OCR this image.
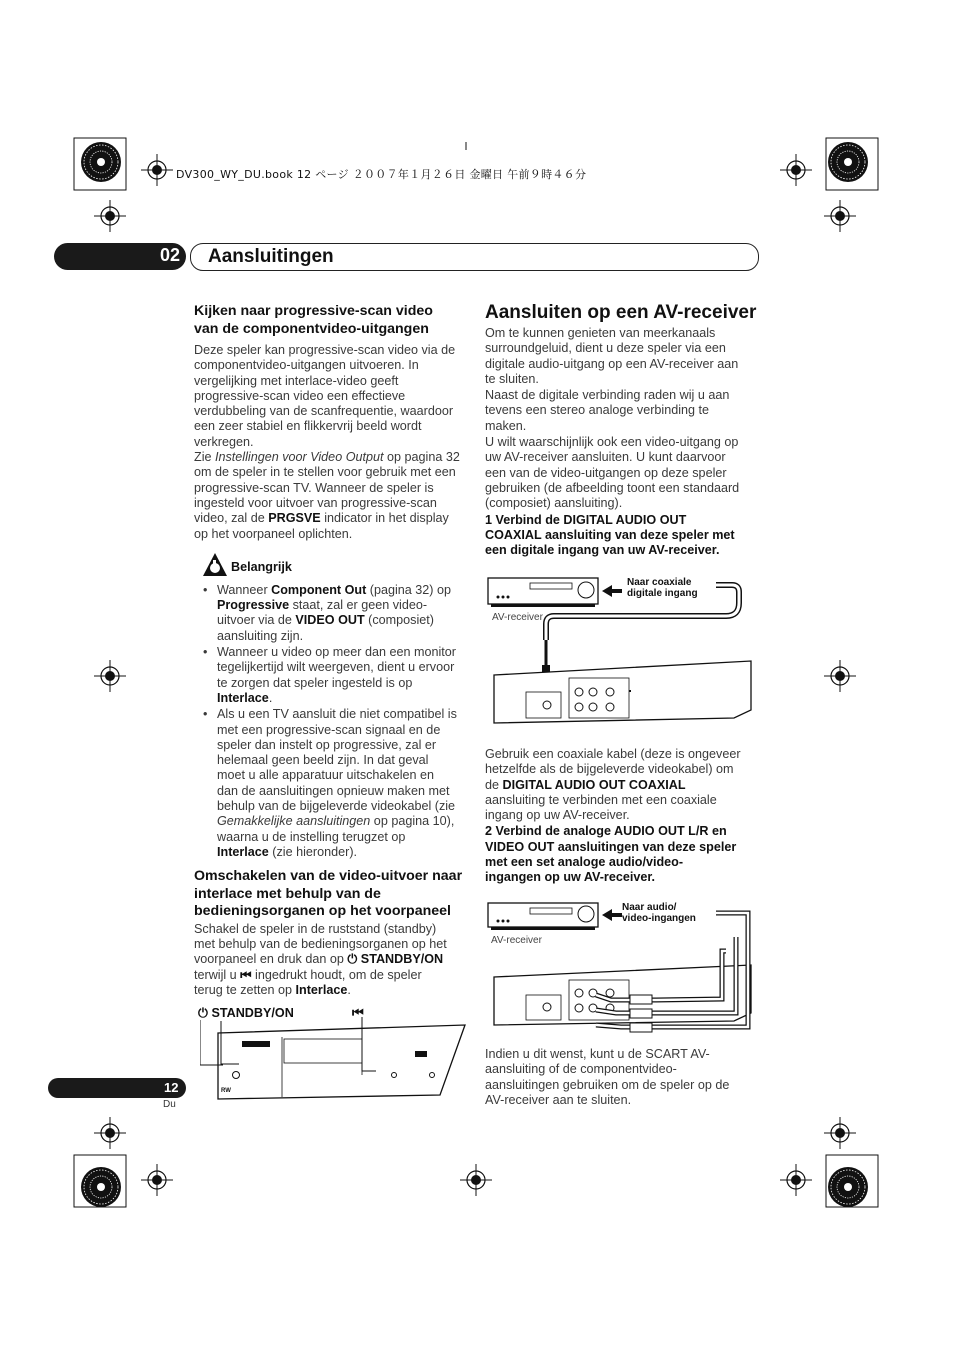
DV300_WY_DU.book 12 ページ ２００７年１月２６日 金曜日 午前９時４６分
02 Aansluitingen

Kijken naar progressive-scan video
van de componentvideo-uitgangen

Deze speler kan progressive-scan video via de
componentvideo-uitgangen uitvoeren. In
vergelijking met interlace-video geeft
progressive-scan video een effectieve
verdubbeling van de scanfrequentie, waardoor
een zeer stabiel en flikkervrij beeld wordt
verkregen.

Zie Instellingen voor Video Output op pagina 32
om de speler in te stellen voor gebruik met een
progressive-scan TV. Wanneer de speler is
ingesteld voor uitvoer van progressive-scan
video, zal de PRGSVE indicator in het display
op het voorpaneel oplichten.

Belangrijk
• Wanneer Component Out (pagina 32) op
Progressive staat, zal er geen video-
uitvoer via de VIDEO OUT (composiet)
aansluiting zijn.
• Wanneer u video op meer dan een monitor
tegelijkertijd wilt weergeven, dient u ervoor
te zorgen dat speler ingesteld is op
Interlace.
• Als u een TV aansluit die niet compatibel is
met een progressive-scan signaal en de
speler dan instelt op progressive, zal er
helemaal geen beeld zijn. In dat geval
moet u alle apparatuur uitschakelen en
dan de aansluitingen opnieuw maken met
behulp van de bijgeleverde videokabel (zie
Gemakkelijke aansluitingen op pagina 10),
waarna u de instelling terugzet op
Interlace (zie hieronder).

Omschakelen van de video-uitvoer naar
interlace met behulp van de
bedieningsorganen op het voorpaneel

Schakel de speler in de ruststand (standby)
met behulp van de bedieningsorganen op het
voorpaneel en druk dan op ⏻ STANDBY/ON
terwijl u ⏮ ingedrukt houdt, om de speler
terug te zetten op Interlace.

⏻ STANDBY/ON	⏮
RW
Aansluiten op een AV-receiver

Om te kunnen genieten van meerkanaals
surroundgeluid, dient u deze speler via een
digitale audio-uitgang op een AV-receiver aan
te sluiten.

Naast de digitale verbinding raden wij u aan
tevens een stereo analoge verbinding te
maken.

U wilt waarschijnlijk ook een video-uitgang op
uw AV-receiver aansluiten. U kunt daarvoor
een van de video-uitgangen op deze speler
gebruiken (de afbeelding toont een standaard
(composiet) aansluiting).

1 Verbind de DIGITAL AUDIO OUT
COAXIAL aansluiting van deze speler met
een digitale ingang van uw AV-receiver.

Naar coaxiale
digitale ingang
AV-receiver

Gebruik een coaxiale kabel (deze is ongeveer
hetzelfde als de bijgeleverde videokabel) om
de DIGITAL AUDIO OUT COAXIAL
aansluiting te verbinden met een coaxiale
ingang op uw AV-receiver.

2 Verbind de analoge AUDIO OUT L/R en
VIDEO OUT aansluitingen van deze speler
met een set analoge audio/video-
ingangen op uw AV-receiver.

Naar audio/
video-ingangen
AV-receiver

Indien u dit wenst, kunt u de SCART AV-
aansluiting of de componentvideo-
aansluitingen gebruiken om de speler op de
AV-receiver aan te sluiten.

12
Du
